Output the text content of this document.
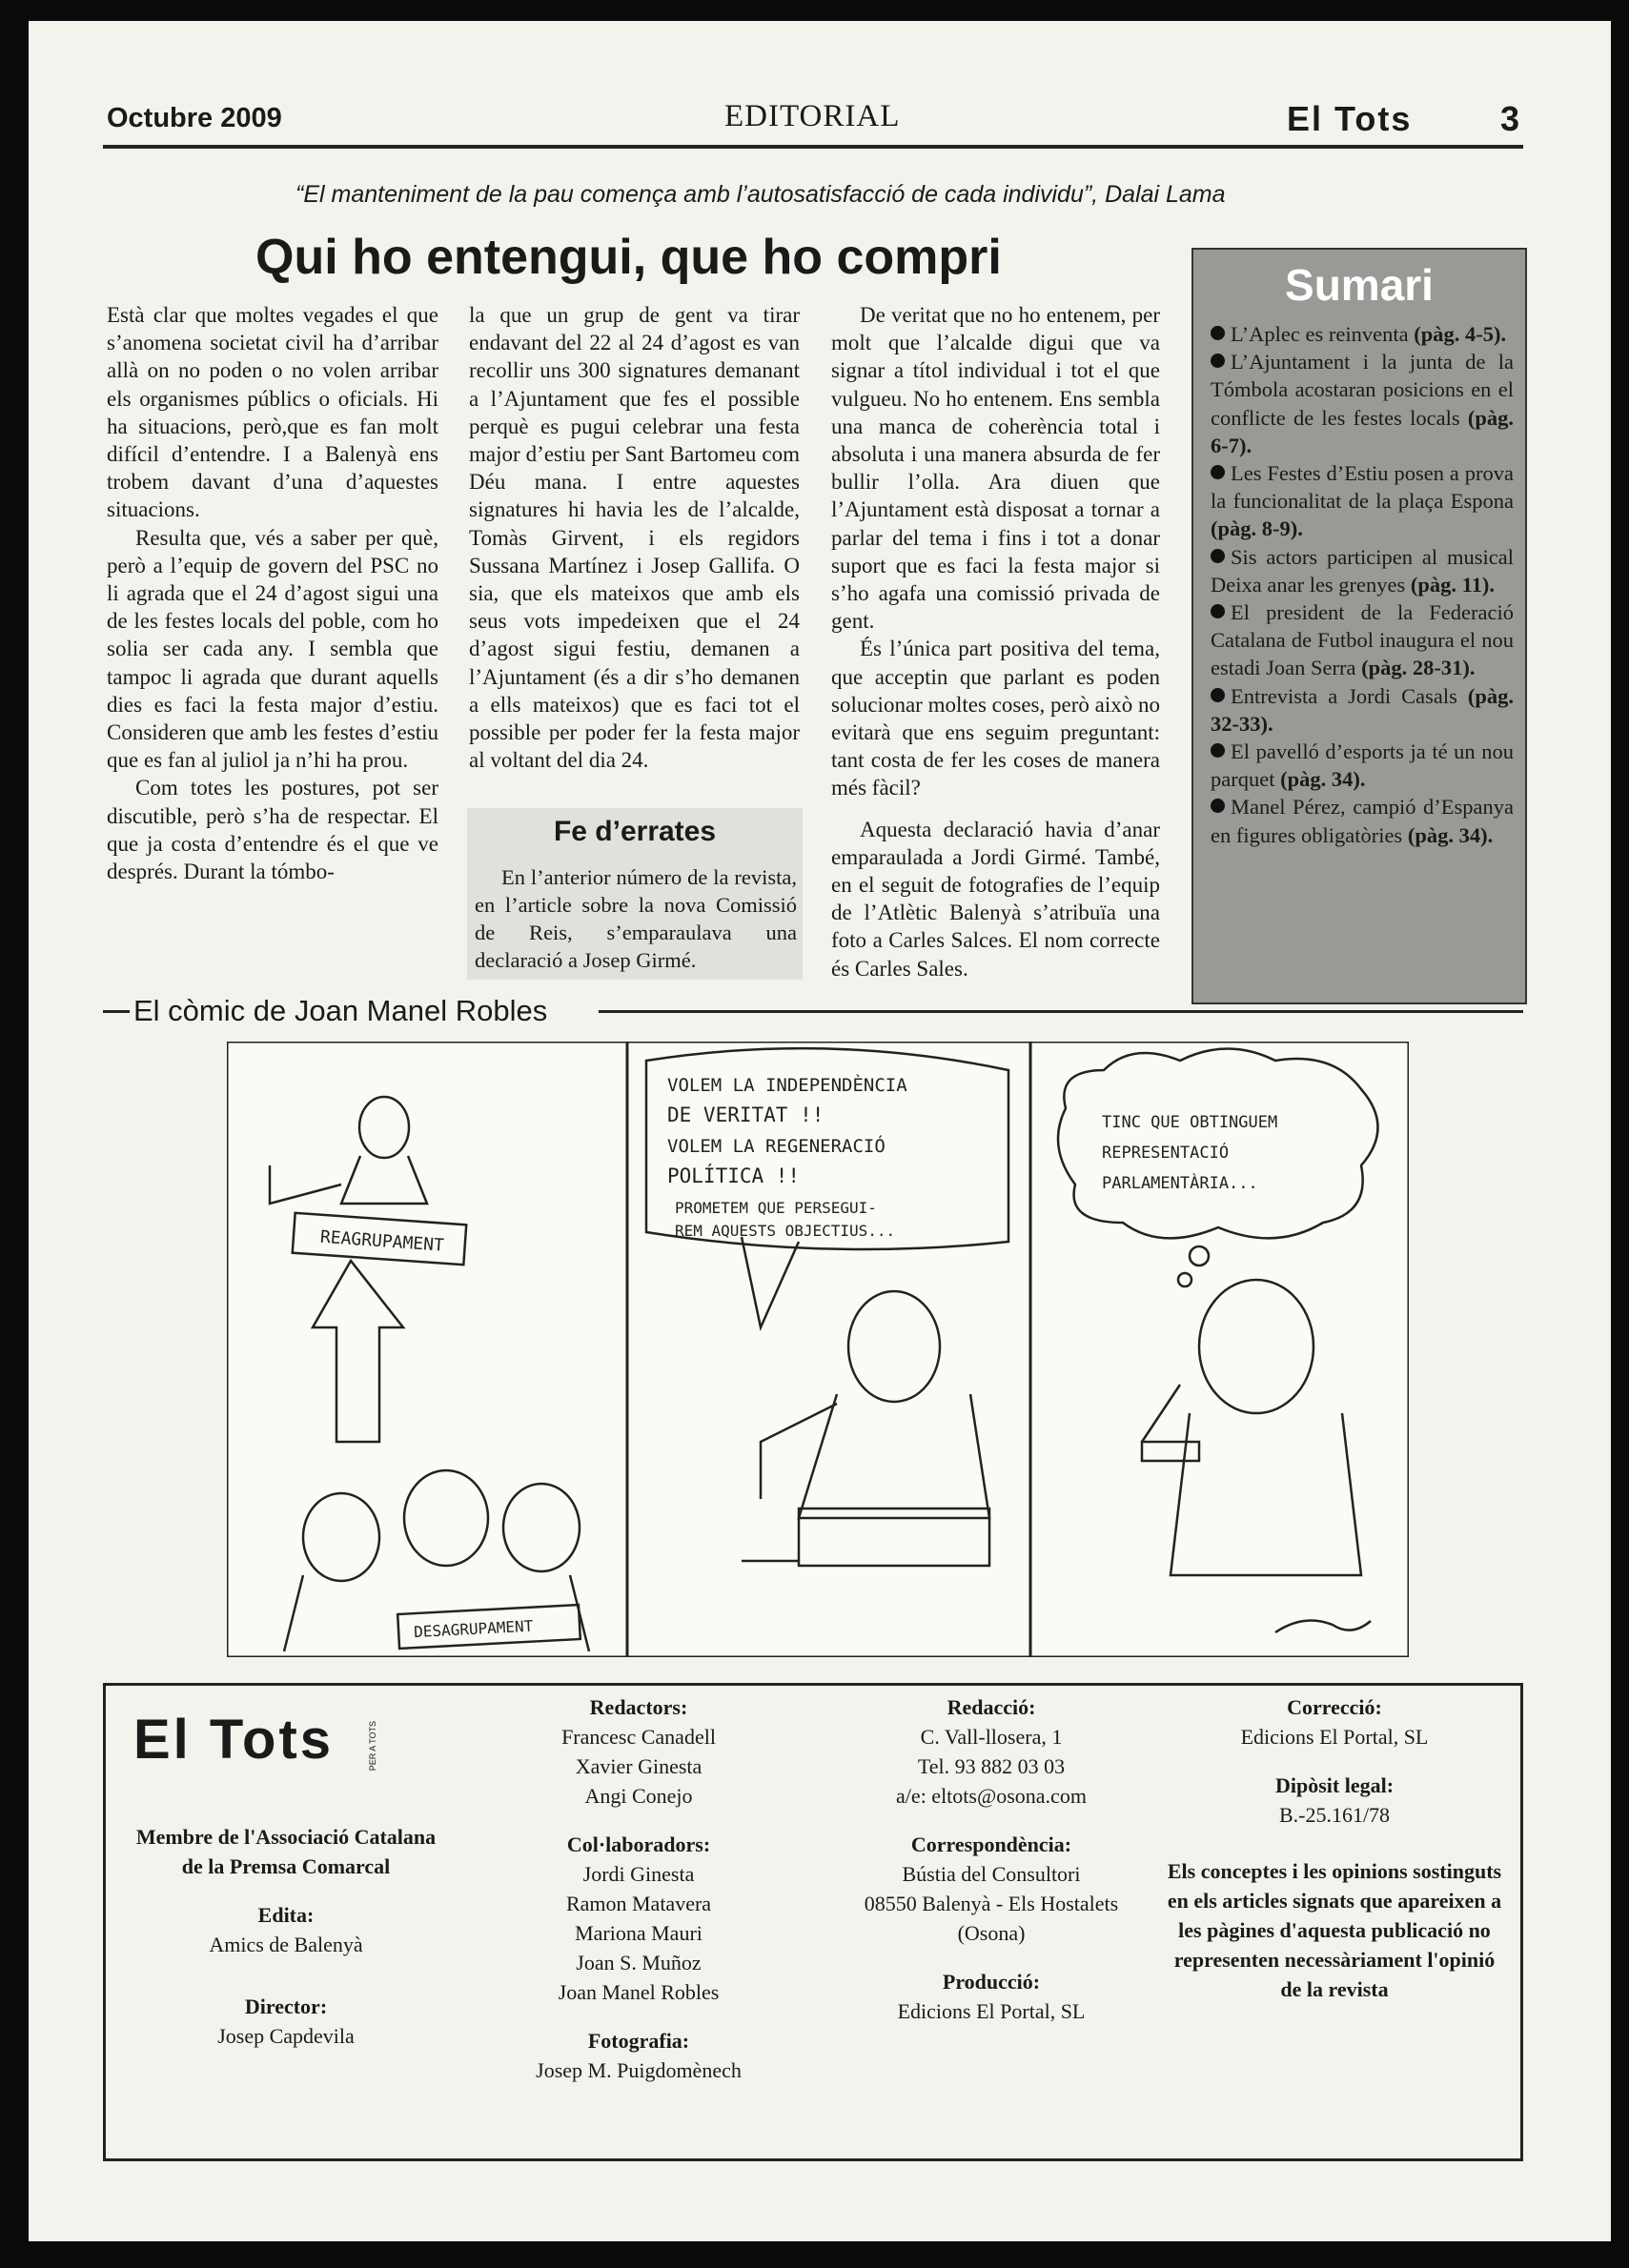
Octubre 2009	EDITORIAL	El Tots	3
“El manteniment de la pau comença amb l’autosatisfacció de cada individu”, Dalai Lama
Qui ho entengui, que ho compri

Està clar que moltes vegades el que s’anomena societat civil ha d’arribar allà on no poden o no volen arribar els organismes públics o oficials. Hi ha situacions, però,que es fan molt difícil d’entendre. I a Balenyà ens trobem davant d’una d’aquestes situacions.

Resulta que, vés a saber per què, però a l’equip de govern del PSC no li agrada que el 24 d’agost sigui una de les festes locals del poble, com ho solia ser cada any. I sembla que tampoc li agrada que durant aquells dies es faci la festa major d’estiu. Consideren que amb les festes d’estiu que es fan al juliol ja n’hi ha prou.

Com totes les postures, pot ser discutible, però s’ha de respectar. El que ja costa d’entendre és el que ve després. Durant la tómbo-

la que un grup de gent va tirar endavant del 22 al 24 d’agost es van recollir uns 300 signatures demanant a l’Ajuntament que fes el possible perquè es pugui celebrar una festa major d’estiu per Sant Bartomeu com Déu mana. I entre aquestes signatures hi havia les de l’alcalde, Tomàs Girvent, i els regidors Sussana Martínez i Josep Gallifa. O sia, que els mateixos que amb els seus vots impedeixen que el 24 d’agost sigui festiu, demanen a l’Ajuntament (és a dir s’ho demanen a ells mateixos) que es faci tot el possible per poder fer la festa major al voltant del dia 24.

De veritat que no ho entenem, per molt que l’alcalde digui que va signar a títol individual i tot el que vulgueu. No ho entenem. Ens sembla una manca de coherència total i absoluta i una manera absurda de fer bullir l’olla. Ara diuen que l’Ajuntament està disposat a tornar a parlar del tema i fins i tot a donar suport que es faci la festa major si s’ho agafa una comissió privada de gent.

És l’única part positiva del tema, que acceptin que parlant es poden solucionar moltes coses, però això no evitarà que ens seguim preguntant: tant costa de fer les coses de manera més fàcil?

Aquesta declaració havia d’anar emparaulada a Jordi Girmé. També, en el seguit de fotografies de l’equip de l’Atlètic Balenyà s’atribuïa una foto a Carles Salces. El nom correcte és Carles Sales.

Fe d’errates
En l’anterior número de la revista, en l’article sobre la nova Comissió de Reis, s’emparaulava una declaració a Josep Girmé.
Sumari
L’Aplec es reinventa (pàg. 4-5).
L’Ajuntament i la junta de la Tómbola acostaran posicions en el conflicte de les festes locals (pàg. 6-7).
Les Festes d’Estiu posen a prova la funcionalitat de la plaça Espona (pàg. 8-9).
Sis actors participen al musical Deixa anar les grenyes (pàg. 11).
El president de la Federació Catalana de Futbol inaugura el nou estadi Joan Serra (pàg. 28-31).
Entrevista a Jordi Casals (pàg. 32-33).
El pavelló d’esports ja té un nou parquet (pàg. 34).
Manel Pérez, campió d’Espanya en figures obligatòries (pàg. 34).
El còmic de Joan Manel Robles
REAGRUPAMENT
DESAGRUPAMENT
VOLEM LA INDEPENDÈNCIA
DE VERITAT !!
VOLEM LA REGENERACIÓ
POLÍTICA !!
PROMETEM QUE PERSEGUI-
REM AQUESTS OBJECTIUS...
TINC QUE OBTINGUEM
REPRESENTACIÓ
PARLAMENTÀRIA...
El Tots	PER A TOTS
Membre de l'Associació Catalana de la Premsa Comarcal
Edita:
Amics de Balenyà
Director:
Josep Capdevila
Redactors:
Francesc Canadell
Xavier Ginesta
Angi Conejo
Col·laboradors:
Jordi Ginesta
Ramon Matavera
Mariona Mauri
Joan S. Muñoz
Joan Manel Robles
Fotografia:
Josep M. Puigdomènech
Redacció:
C. Vall-llosera, 1
Tel. 93 882 03 03
a/e: eltots@osona.com
Correspondència:
Bústia del Consultori
08550 Balenyà - Els Hostalets
(Osona)
Producció:
Edicions El Portal, SL
Correcció:
Edicions El Portal, SL
Dipòsit legal:
B.-25.161/78
Els conceptes i les opinions sostinguts en els articles signats que apareixen a les pàgines d'aquesta publicació no representen necessàriament l'opinió de la revista
